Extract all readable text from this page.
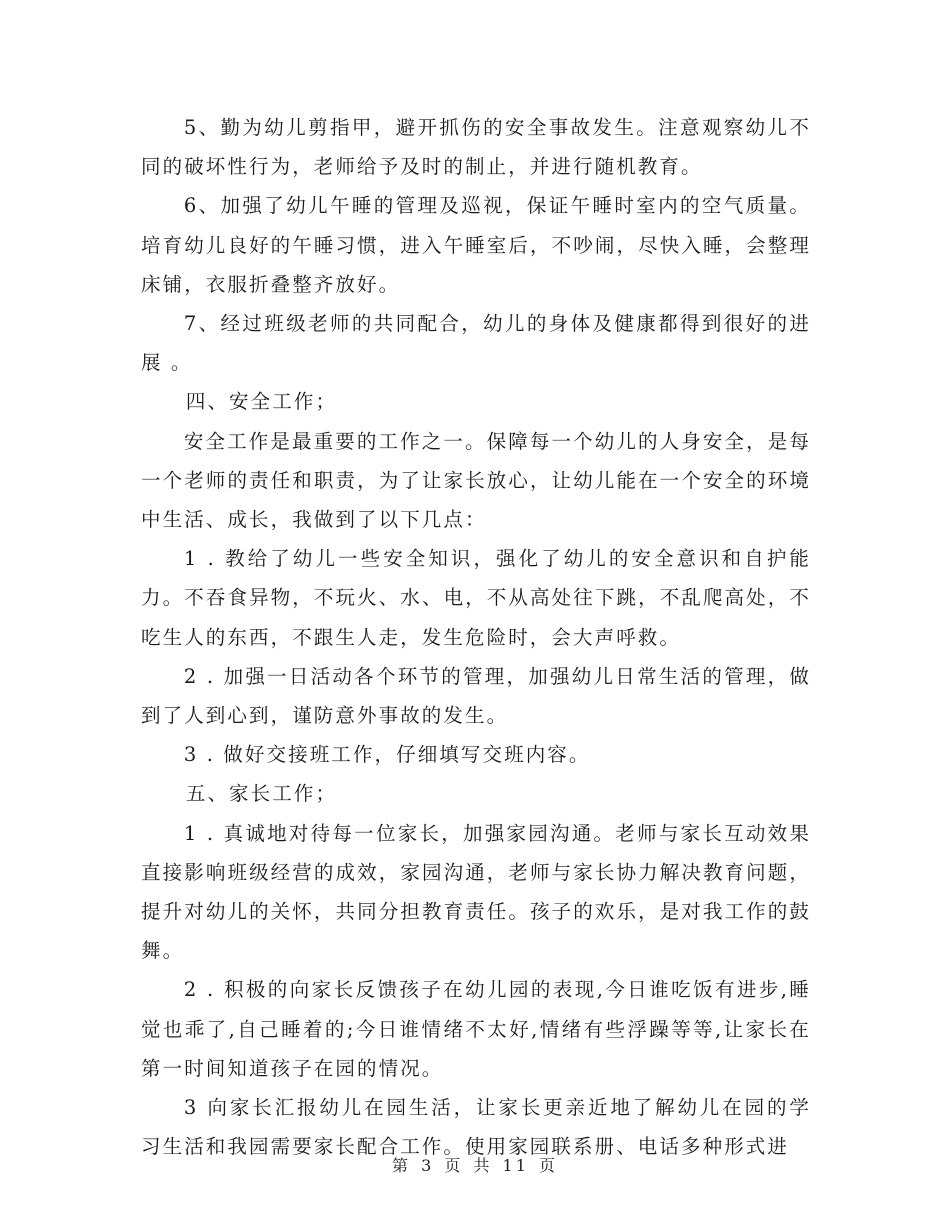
5、勤为幼儿剪指甲，避开抓伤的安全事故发生。注意观察幼儿不同的破坏性行为，老师给予及时的制止，并进行随机教育。

6、加强了幼儿午睡的管理及巡视，保证午睡时室内的空气质量。培育幼儿良好的午睡习惯，进入午睡室后，不吵闹，尽快入睡，会整理床铺，衣服折叠整齐放好。

7、经过班级老师的共同配合，幼儿的身体及健康都得到很好的进展 。

四、安全工作；

安全工作是最重要的工作之一。保障每一个幼儿的人身安全，是每一个老师的责任和职责，为了让家长放心，让幼儿能在一个安全的环境中生活、成长，我做到了以下几点：

1 . 教给了幼儿一些安全知识，强化了幼儿的安全意识和自护能力。不吞食异物，不玩火、水、电，不从高处往下跳，不乱爬高处，不吃生人的东西，不跟生人走，发生危险时，会大声呼救。

2 . 加强一日活动各个环节的管理，加强幼儿日常生活的管理，做到了人到心到，谨防意外事故的发生。

3 . 做好交接班工作，仔细填写交班内容。

五、家长工作；

1 . 真诚地对待每一位家长，加强家园沟通。老师与家长互动效果直接影响班级经营的成效，家园沟通，老师与家长协力解决教育问题，提升对幼儿的关怀，共同分担教育责任。孩子的欢乐，是对我工作的鼓舞。

2 . 积极的向家长反馈孩子在幼儿园的表现,今日谁吃饭有进步,睡觉也乖了,自己睡着的;今日谁情绪不太好,情绪有些浮躁等等,让家长在第一时间知道孩子在园的情况。

3 向家长汇报幼儿在园生活，让家长更亲近地了解幼儿在园的学习生活和我园需要家长配合工作。使用家园联系册、电话多种形式进

第 3 页 共 11 页
